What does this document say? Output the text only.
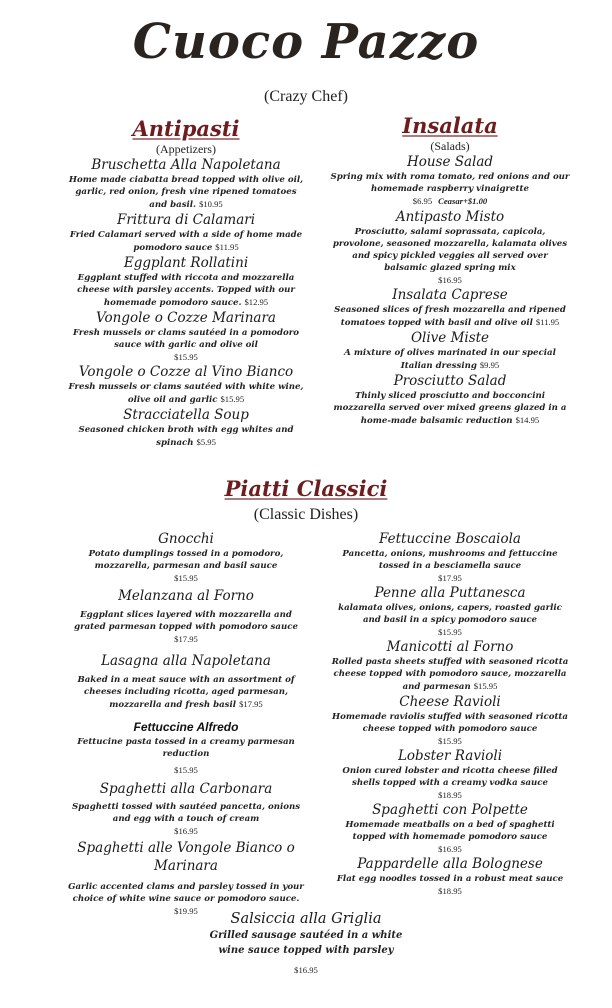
Cuoco Pazzo
(Crazy Chef)
Antipasti
(Appetizers)
Bruschetta Alla Napoletana
Home made ciabatta bread topped with olive oil, garlic, red onion, fresh vine ripened tomatoes and basil. $10.95
Frittura di Calamari
Fried Calamari served with a side of home made pomodoro sauce $11.95
Eggplant Rollatini
Eggplant stuffed with riccota and mozzarella cheese with parsley accents. Topped with our homemade pomodoro sauce. $12.95
Vongole o Cozze Marinara
Fresh mussels or clams sautéed in a pomodoro sauce with garlic and olive oil
$15.95
Vongole o Cozze al Vino Bianco
Fresh mussels or clams sautéed with white wine, olive oil and garlic $15.95
Stracciatella Soup
Seasoned chicken broth with egg whites and spinach $5.95
Insalata
(Salads)
House Salad
Spring mix with roma tomato, red onions and our homemade raspberry vinaigrette
$6.95 Ceasar+$1.00
Antipasto Misto
Prosciutto, salami soprassata, capicola, provolone, seasoned mozzarella, kalamata olives and spicy pickled veggies all served over balsamic glazed spring mix
$16.95
Insalata Caprese
Seasoned slices of fresh mozzarella and ripened tomatoes topped with basil and olive oil $11.95
Olive Miste
A mixture of olives marinated in our special Italian dressing $9.95
Prosciutto Salad
Thinly sliced prosciutto and bocconcini mozzarella served over mixed greens glazed in a home-made balsamic reduction $14.95
Piatti Classici
(Classic Dishes)
Gnocchi
Potato dumplings tossed in a pomodoro, mozzarella, parmesan and basil sauce
$15.95
Melanzana al Forno
Eggplant slices layered with mozzarella and grated parmesan topped with pomodoro sauce $17.95
Lasagna alla Napoletana
Baked in a meat sauce with an assortment of cheeses including ricotta, aged parmesan, mozzarella and fresh basil $17.95
Fettuccine Alfredo
Fettucine pasta tossed in a creamy parmesan reduction
$15.95
Spaghetti alla Carbonara
Spaghetti tossed with sautéed pancetta, onions and egg with a touch of cream
$16.95
Spaghetti alle Vongole Bianco o Marinara
Garlic accented clams and parsley tossed in your choice of white wine sauce or pomodoro sauce. $19.95
Fettuccine Boscaiola
Pancetta, onions, mushrooms and fettuccine tossed in a besciamella sauce
$17.95
Penne alla Puttanesca
kalamata olives, onions, capers, roasted garlic and basil in a spicy pomodoro sauce
$15.95
Manicotti al Forno
Rolled pasta sheets stuffed with seasoned ricotta cheese topped with pomodoro sauce, mozzarella and parmesan $15.95
Cheese Ravioli
Homemade raviolis stuffed with seasoned ricotta cheese topped with pomodoro sauce
$15.95
Lobster Ravioli
Onion cured lobster and ricotta cheese filled shells topped with a creamy vodka sauce
$18.95
Spaghetti con Polpette
Homemade meatballs on a bed of spaghetti topped with homemade pomodoro sauce
$16.95
Pappardelle alla Bolognese
Flat egg noodles tossed in a robust meat sauce $18.95
Salsiccia alla Griglia
Grilled sausage sautéed in a white
wine sauce topped with parsley
$16.95
